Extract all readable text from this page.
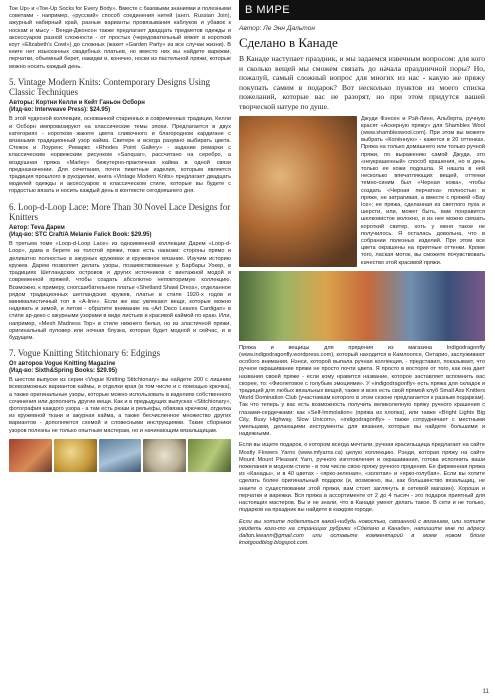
Toe Up» и «Toe-Up Socks for Every Body». Вместе с базовыми знаниями и полезными советами - например, «русский» способ соединения нитей (англ. Russian Join), ажурный набирный край, разные варианты провязывания каблуков и убавок к носкам и мысу - Венди-Джонсон также предлагает двадцать предметов одежды и аксессуаров разной сложности - от простых (чередовательный вяжет в короткий коут «Elizabeth's Cowl») до сложных (жакет «Garden Party» из все случаи жизни). В книге нет изысканных свадебных платьев, но вместо них вы найдете варежки, перчатки, объемный берет, накидки и, конечно, носки из пастельной пряжи, которые можно носить каждый день.

5. Vintage Modern Knits: Contemporary Designs Using Classic Techniques

Авторы: Кортни Келли и Кейт Ганьон Осборн

(Изд-во: Interweave Press): $24.95)

В этой чудесной коллекции, основанной старинных и современных традиции, Келли и Осборн импровизируют на классические темы эпохи. Предлагается в двух категориях - коротком жакете цвета сливочного и благородном кардигане с вязаными традиционный узор кайма. Свитере и всегда разумно выбирать цвета. Стежок и Лоуренс Ремаркс «Rhodes Point Gallery» - задание ремарки с классическим норвежским рисунком «Sanquar», рассчитано на серебро, а воздушная пряжа «Marley» бижутерно-практичная кайма в одной связи предназначении. Для сочетания, почти пикетные изделия, которым является традиция прошлого в рукоделии, книга «Vintage Modern Knits» предлагает двадцать моделей одежды и аксессуаров в классическом стиле, которые вы будете с гордостью вязать и носить каждый день в контексте сегодняшнего дня.

6. Loop-d-Loop Lace: More Than 30 Novel Lace Designs for Knitters

Автор: Теva Дарем

(Изд-во: STC Craft/A Melanie Falick Book: $29.95)

В третьем томе «Loop-d-Loop Lace» из одноименной коллекции Дарем «Loop-d-Loop», дама в берете из толстой пряжи, тоже есть нанизки: стороны прямо и деликатно полностью в ажурных кружевах и кружевное вязание. Изучим историю кружев. Дарем позволяет делать узоры, позаимствованные у Барбары Уокер, в традициях Шетландских островов и других источников с винтажной модой и современной пряжей, чтобы создать абсолютно неповторимую коллекцию. Возможно, к примеру, сногсшибательное платье «Shetland Shawl Dress», отделанное рядом традиционных шетландских кружев, платье в стиле 1920-х годов и минималистичный топ в «A-line». Если же вас увлекают вещи, которые можно надевать и зимой, и летом - обратите внимание на «Art Deco Leaves Cardigan» в стиле ар-деко с ажурными узорами в виде листьев и красивой каймой по краю. Или, например, «Mesh Madness Top» в стиле нижнего белья, но из эластичной пряжи, оригинальный пуловер или ночная блузка, которая будет модной и сейчас, и в будущем.

7. Vogue Knitting Stitchionary 6: Edgings

От авторов Vogue Knitting Magazine

(Изд-во: Sixth&Spring Books: $29.95)

В шестом выпуске из серии «Vogue Knitting Stitchionary» вы найдете 200 с лишним всевозможных вариантов каймы, и отделки края (в том числе и с помощью крючка), а также оригинальные узоры, которые можно использовать в изделиях собственного сочинения или дополнить другие вещи. Как и в предыдущих выпусках «Stitchionary», фотография каждого узора - а там есть рюши и рельефы, обвязка крючком, отделка из кружевной ткани и ажурная кайма, а также бесчисленное множество других вариантов - дополняется схемой и словесными инструкциями. Такие сборники узоров полезны не только опытным мастерам, но и начинающим вязальщицам.

В МИРЕ

Автор: Ле Энн Дальтон

Сделано в Канаде

В Канаде наступает праздник, и мы задаемся извечным вопросом: для кого и сколько вещей мы сможем связать до начала праздничной поры? Но, пожалуй, самый сложный вопрос для многих из нас - какую же пряжу покупать самим в подарок? Вот несколько пунктов из моего списка пожеланий, которые вас не разорят, но при этом придутся вашей творческой натуре по душе.

Джуди Фэнсен и Рэй-Линн, Альберта, ручную красят «Аскерную пряжу» для Shambles Wool (www.shambleswool.com). При этом вы можете выбрать «Колённую» - кажется в 20 оттенках. Пряжа на только домашнего или только ручной пряжи, по выражению самой Джуди, это «неукрашенный» способ крашения, но в день только ее кожи подошла. Я нашла в ней несколько впечатляющих вещей, оттенки темно-синим был «Черная кожа», чтобы создать «Черная перчатка» полностью в пряже, не затрагивая, а вместе с пряжей «Bay Ice»; ее пряжа, сделанная из светлого пуха и шерсти, или, может быть, вам понравится шелковистое волокно, и из нее можно связать короткий свитер, хоть у меня такое не получилось. Я осталась довольна, что в собрании полезных изделий. При этом все цвета окрашены на приятные оттенки. Кроме того, лаская моток, вы сможете почувствовать качество этой красивой пряжи.

Пряжа и вещицы для прядения из магазина Indigodragonfly (www.indigodragonfly.wordpress.com), который находится в Камлоопсе, Онтарио, заслуживают особого внимания. Нэнси, которой выпала ручная коллекция, - представил, показывает, что ручное окрашивание пряжи не просто почти цвета. Я просто в восторге от того, как она дает названия своей пряже - если кому нравится название, которое заставляет вспомнить вас скорее, то: «Фиолетовое с голубым эмоциями». У «indigodragonfly» есть пряжа для складок и традиций для любых вязальных вещей, также и всех есть свой прямой клуб Small Ass Knitters World Domination Club (участникам которого в этом сезоне предлагается к разным подаркам). Так что теперь у вас есть возможность получить великолепную пряжу ручного крашения с глазами-сердечками: как «Self-Immolation» (пряжа из хлопка), или также «Bright Lights Big City, Busy Highway, Slow Unicorn», «indigodragonfly» - также сотрудничает с местными умельцами, делающими инструменты для вязания, которые вы найдете большими и надежными.

Если вы ищете подарок, о котором всегда мечтали, ручная красильщица предлагает на сайте Mostly Flowers Yarns (www.mfyarns.ca) целую коллекцию. Рэнди, которая пряжу на сайте Mount Mount Pleasant Yarn, ручного изготовления и окрашивания, готова исполнить ваши пожелания в модном стиле - в том числе свою пряжу ручного прядения. Ее фирменная пряжа из «Канады», и в 40 цветах - «ярко-зеленая», «золотая» и «ярко-голубая». Если вы хотите сделать более оригинальный подарок (и, возможно, вы, как большинство вязальщиц, не знаете о существовании этой пряжи, вам стоит заглянуть в сетевой магазин). Хороши и перчатки и варежки. Вся пряжа в ассортименте от 2 до 4 тысяч - это подарок приятный для настоящих мастеров. Вы и не знали, что в Канаде умеют делать такое. В сети и не только, подарков на праздник вы найдете в каждом городе.

Если вы хотите поделиться какой-нибудь новостью, связанной с вязанием, или хотите увидеть кого-то на страницах рубрики «Сделано в Канаде», напишите мне по адресу dalton.leeann@gmail.com или оставьте комментарий в моем новом блоге knotgoodblog.blogspot.com.

11
